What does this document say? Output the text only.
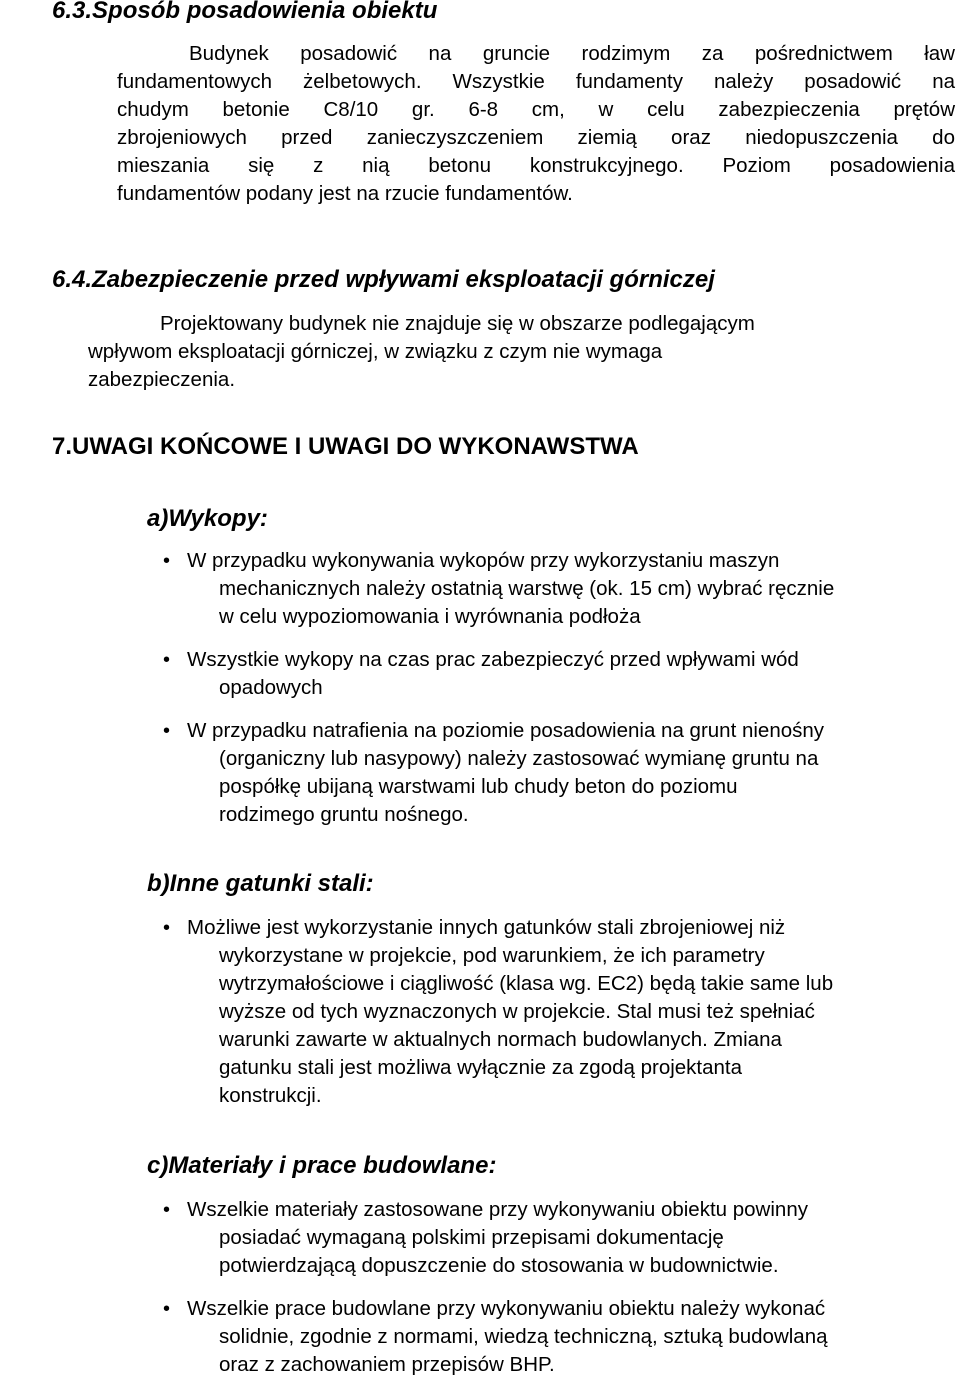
6.3.Sposób posadowienia obiektu
Budynek posadowić na gruncie rodzimym za pośrednictwem ław
fundamentowych żelbetowych. Wszystkie fundamenty należy posadowić na
chudym betonie C8/10 gr. 6-8 cm, w celu zabezpieczenia prętów
zbrojeniowych przed zanieczyszczeniem ziemią oraz niedopuszczenia do
mieszania się z nią betonu konstrukcyjnego. Poziom posadowienia
fundamentów podany jest na rzucie fundamentów.
6.4.Zabezpieczenie przed wpływami eksploatacji górniczej
Projektowany budynek nie znajduje się w obszarze podlegającym
wpływom eksploatacji górniczej, w związku z czym nie wymaga
zabezpieczenia.
7.UWAGI KOŃCOWE I UWAGI DO WYKONAWSTWA
a)Wykopy:
• W przypadku wykonywania wykopów przy wykorzystaniu maszyn
mechanicznych należy ostatnią warstwę (ok. 15 cm) wybrać ręcznie
w celu wypoziomowania i wyrównania podłoża
• Wszystkie wykopy na czas prac zabezpieczyć przed wpływami wód
opadowych
• W przypadku natrafienia na poziomie posadowienia na grunt nienośny
(organiczny lub nasypowy) należy zastosować wymianę gruntu na
pospółkę ubijaną warstwami lub chudy beton do poziomu
rodzimego gruntu nośnego.
b)Inne gatunki stali:
• Możliwe jest wykorzystanie innych gatunków stali zbrojeniowej niż
wykorzystane w projekcie, pod warunkiem, że ich parametry
wytrzymałościowe i ciągliwość (klasa wg. EC2) będą takie same lub
wyższe od tych wyznaczonych w projekcie. Stal musi też spełniać
warunki zawarte w aktualnych normach budowlanych. Zmiana
gatunku stali jest możliwa wyłącznie za zgodą projektanta
konstrukcji.
c)Materiały i prace budowlane:
• Wszelkie materiały zastosowane przy wykonywaniu obiektu powinny
posiadać wymaganą polskimi przepisami dokumentację
potwierdzającą dopuszczenie do stosowania w budownictwie.
• Wszelkie prace budowlane przy wykonywaniu obiektu należy wykonać
solidnie, zgodnie z normami, wiedzą techniczną, sztuką budowlaną
oraz z zachowaniem przepisów BHP.
